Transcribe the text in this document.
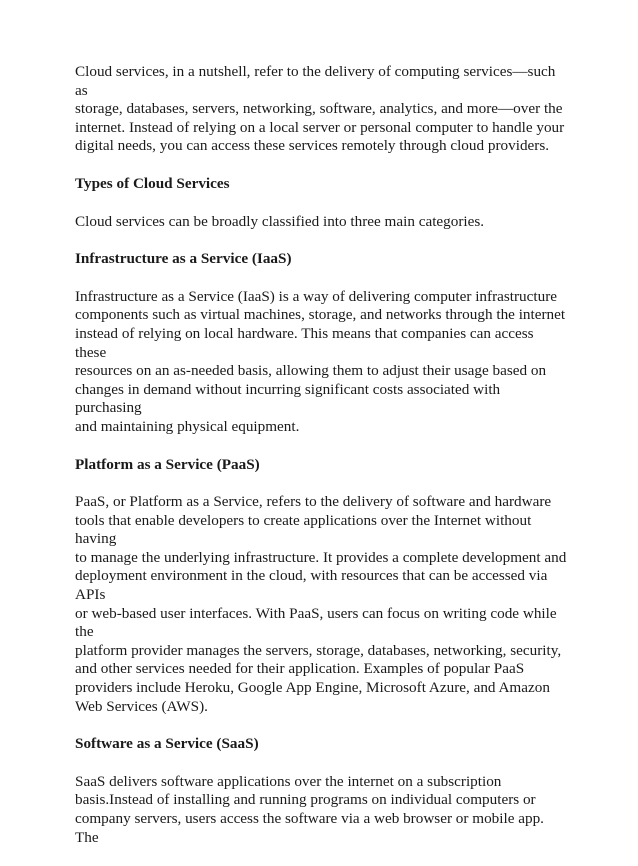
Cloud services, in a nutshell, refer to the delivery of computing services—such as
storage, databases, servers, networking, software, analytics, and more—over the
internet. Instead of relying on a local server or personal computer to handle your
digital needs, you can access these services remotely through cloud providers.

Types of Cloud Services

Cloud services can be broadly classified into three main categories.

Infrastructure as a Service (IaaS)

Infrastructure as a Service (IaaS) is a way of delivering computer infrastructure
components such as virtual machines, storage, and networks through the internet
instead of relying on local hardware. This means that companies can access these
resources on an as-needed basis, allowing them to adjust their usage based on
changes in demand without incurring significant costs associated with purchasing
and maintaining physical equipment.

Platform as a Service (PaaS)

PaaS, or Platform as a Service, refers to the delivery of software and hardware
tools that enable developers to create applications over the Internet without having
to manage the underlying infrastructure. It provides a complete development and
deployment environment in the cloud, with resources that can be accessed via APIs
or web-based user interfaces. With PaaS, users can focus on writing code while the
platform provider manages the servers, storage, databases, networking, security,
and other services needed for their application. Examples of popular PaaS
providers include Heroku, Google App Engine, Microsoft Azure, and Amazon
Web Services (AWS).

Software as a Service (SaaS)

SaaS delivers software applications over the internet on a subscription
basis.Instead of installing and running programs on individual computers or
company servers, users access the software via a web browser or mobile app. The
